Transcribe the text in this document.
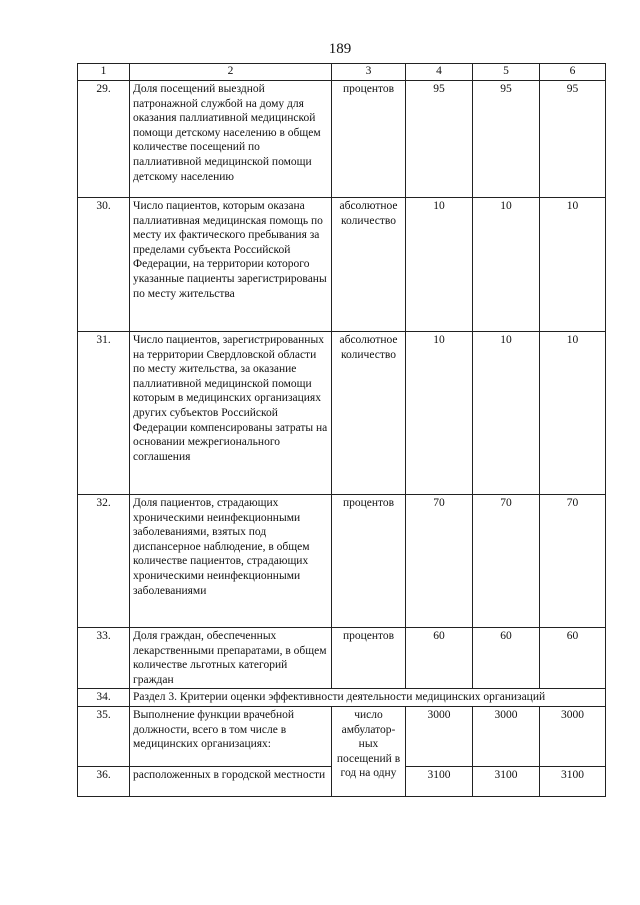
189
1	2	3	4	5	6
29.	Доля посещений выездной патронажной службой на дому для оказания паллиативной медицинской помощи детскому населению в общем количестве посещений по паллиативной медицинской помощи детскому населению	процентов	95	95	95
30.	Число пациентов, которым оказана паллиативная медицинская помощь по месту их фактического пребывания за пределами субъекта Российской Федерации, на территории которого указанные пациенты зарегистрированы по месту жительства	абсолютное количество	10	10	10
31.	Число пациентов, зарегистрированных на территории Свердловской области по месту жительства, за оказание паллиативной медицинской помощи которым в медицинских организациях других субъектов Российской Федерации компенсированы затраты на основании межрегионального соглашения	абсолютное количество	10	10	10
32.	Доля пациентов, страдающих хроническими неинфекционными заболеваниями, взятых под диспансерное наблюдение, в общем количестве пациентов, страдающих хроническими неинфекционными заболеваниями	процентов	70	70	70
33.	Доля граждан, обеспеченных лекарственными препаратами, в общем количестве льготных категорий граждан	процентов	60	60	60
34.	Раздел 3. Критерии оценки эффективности деятельности медицинских организаций				
35.	Выполнение функции врачебной должности, всего в том числе в медицинских организациях:	число амбулатор-ных посещений в год на одну	3000	3000	3000
36.	расположенных в городской местности		3100	3100	3100
